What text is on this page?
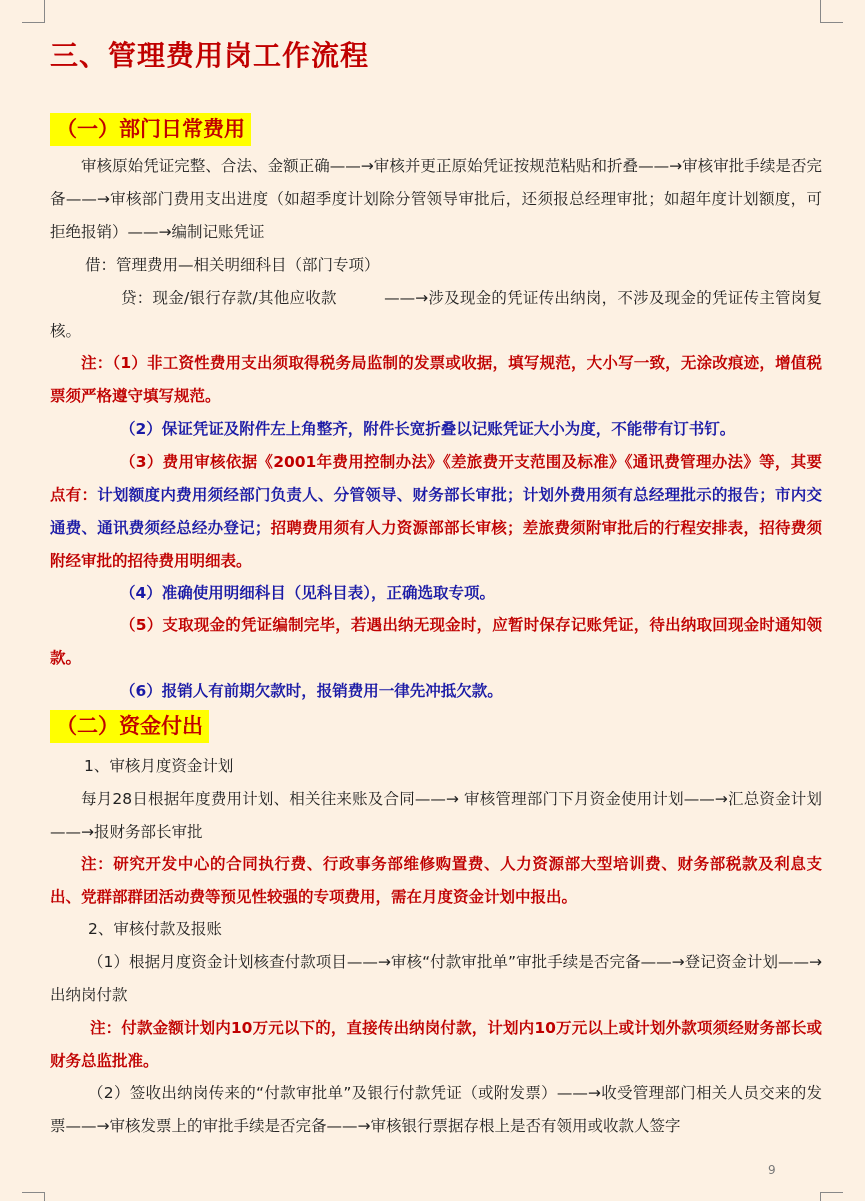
三、管理费用岗工作流程
（一）部门日常费用
审核原始凭证完整、合法、金额正确——→审核并更正原始凭证按规范粘贴和折叠——→审核审批手续是否完备——→审核部门费用支出进度（如超季度计划除分管领导审批后，还须报总经理审批；如超年度计划额度，可拒绝报销）——→编制记账凭证
借：管理费用—相关明细科目（部门专项）
贷：现金/银行存款/其他应收款　　　——→涉及现金的凭证传出纳岗，不涉及现金的凭证传主管岗复核。
注：（1）非工资性费用支出须取得税务局监制的发票或收据，填写规范，大小写一致，无涂改痕迹，增值税票须严格遵守填写规范。
（2）保证凭证及附件左上角整齐，附件长宽折叠以记账凭证大小为度，不能带有订书钉。
（3）费用审核依据《2001年费用控制办法》《差旅费开支范围及标准》《通讯费管理办法》等，其要点有：计划额度内费用须经部门负责人、分管领导、财务部长审批；计划外费用须有总经理批示的报告；市内交通费、通讯费须经总经办登记；招聘费用须有人力资源部部长审核；差旅费须附审批后的行程安排表，招待费须附经审批的招待费用明细表。
（4）准确使用明细科目（见科目表），正确选取专项。
（5）支取现金的凭证编制完毕，若遇出纳无现金时，应暂时保存记账凭证，待出纳取回现金时通知领款。
（6）报销人有前期欠款时，报销费用一律先冲抵欠款。
（二）资金付出
1、审核月度资金计划
每月28日根据年度费用计划、相关往来账及合同——→ 审核管理部门下月资金使用计划——→汇总资金计划——→报财务部长审批
注：研究开发中心的合同执行费、行政事务部维修购置费、人力资源部大型培训费、财务部税款及利息支出、党群部群团活动费等预见性较强的专项费用，需在月度资金计划中报出。
2、审核付款及报账
（1）根据月度资金计划核查付款项目——→审核“付款审批单”审批手续是否完备——→登记资金计划——→出纳岗付款
注：付款金额计划内10万元以下的，直接传出纳岗付款，计划内10万元以上或计划外款项须经财务部长或财务总监批准。
（2）签收出纳岗传来的“付款审批单”及银行付款凭证（或附发票）——→收受管理部门相关人员交来的发票——→审核发票上的审批手续是否完备——→审核银行票据存根上是否有领用或收款人签字
9
